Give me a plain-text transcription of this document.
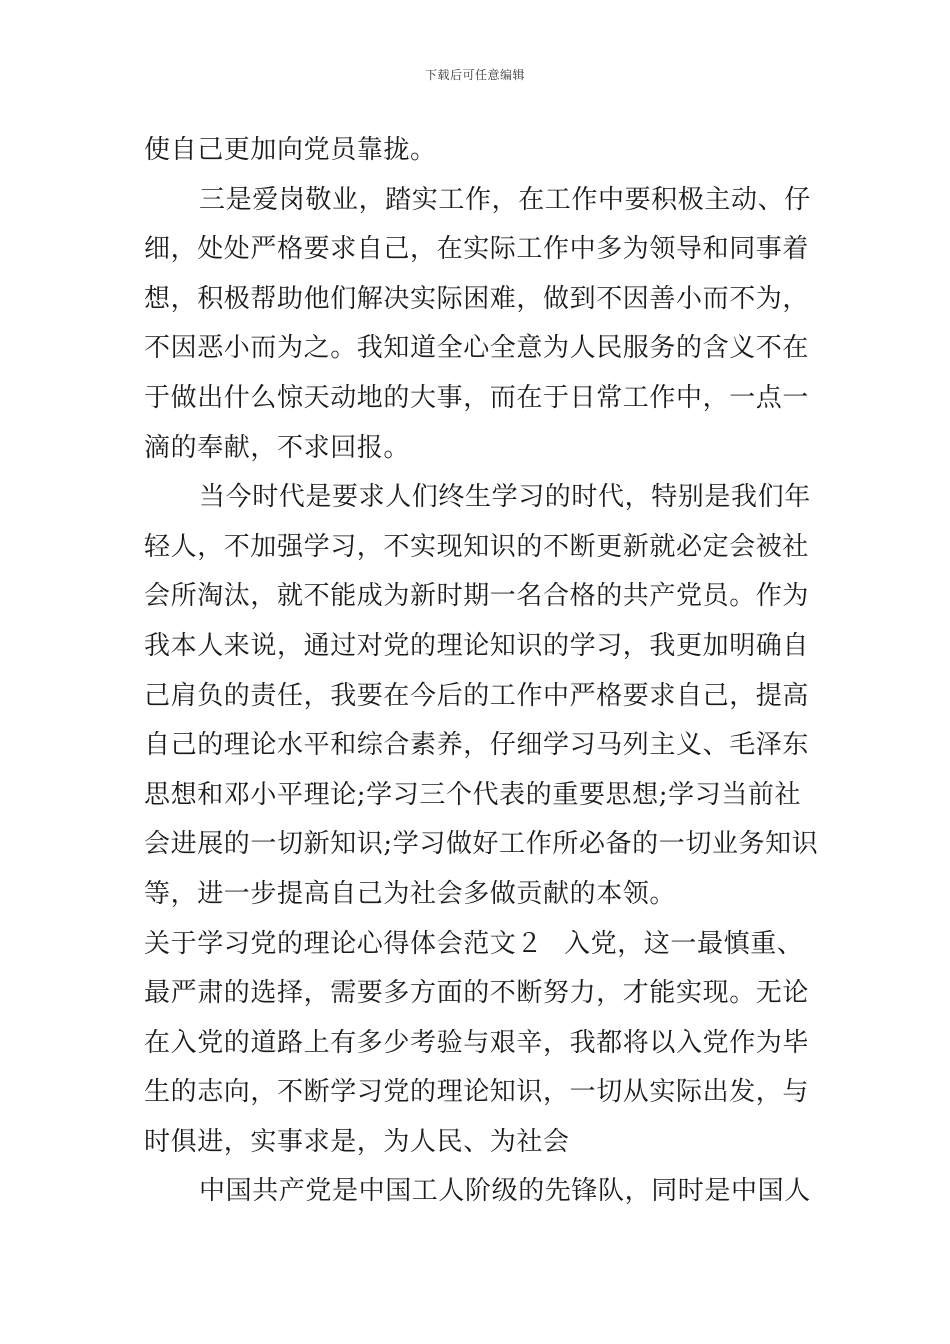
下载后可任意编辑
使自己更加向党员靠拢。
三是爱岗敬业，踏实工作，在工作中要积极主动、仔
细，处处严格要求自己，在实际工作中多为领导和同事着
想，积极帮助他们解决实际困难，做到不因善小而不为，
不因恶小而为之。我知道全心全意为人民服务的含义不在
于做出什么惊天动地的大事，而在于日常工作中，一点一
滴的奉献，不求回报。
当今时代是要求人们终生学习的时代，特别是我们年
轻人，不加强学习，不实现知识的不断更新就必定会被社
会所淘汰，就不能成为新时期一名合格的共产党员。作为
我本人来说，通过对党的理论知识的学习，我更加明确自
己肩负的责任，我要在今后的工作中严格要求自己，提高
自己的理论水平和综合素养，仔细学习马列主义、毛泽东
思想和邓小平理论;学习三个代表的重要思想;学习当前社
会进展的一切新知识;学习做好工作所必备的一切业务知识
等，进一步提高自己为社会多做贡献的本领。
关于学习党的理论心得体会范文２ 入党，这一最慎重、
最严肃的选择，需要多方面的不断努力，才能实现。无论
在入党的道路上有多少考验与艰辛，我都将以入党作为毕
生的志向，不断学习党的理论知识，一切从实际出发，与
时俱进，实事求是，为人民、为社会
中国共产党是中国工人阶级的先锋队，同时是中国人
